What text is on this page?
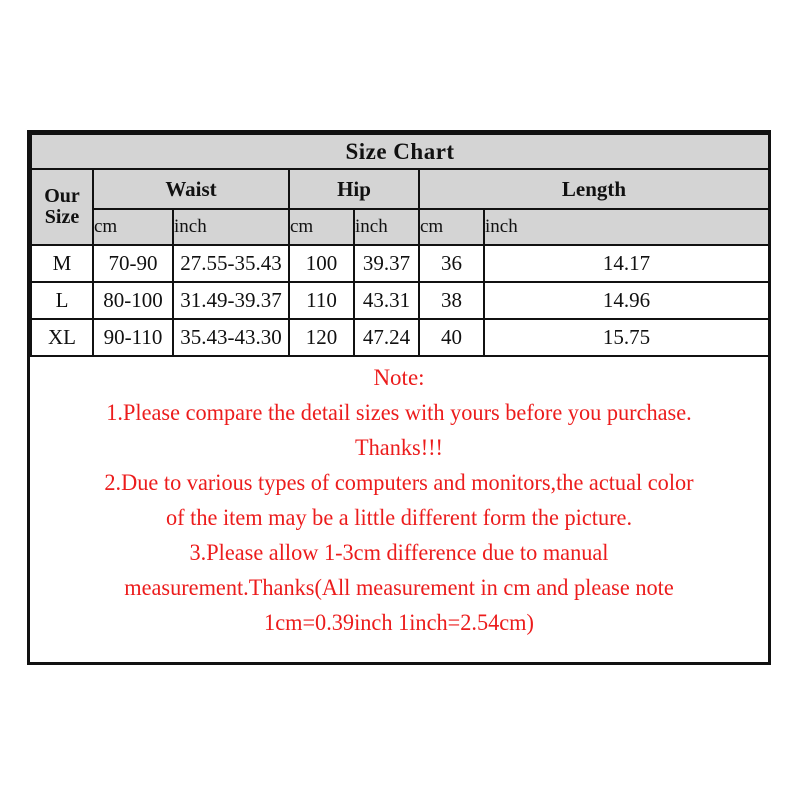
Size Chart						

Our
Size	Waist		Hip		Length	
	cm	inch	cm	inch	cm	inch
M	70-90	27.55-35.43	100	39.37	36	14.17
L	80-100	31.49-39.37	110	43.31	38	14.96
XL	90-110	35.43-43.30	120	47.24	40	15.75
Note:
1.Please compare the detail sizes with yours before you purchase.
Thanks!!!
2.Due to various types of computers and monitors,the actual color
of the item may be a little different form the picture.
3.Please allow 1-3cm difference due to manual
measurement.Thanks(All measurement in cm and please note
1cm=0.39inch 1inch=2.54cm)
